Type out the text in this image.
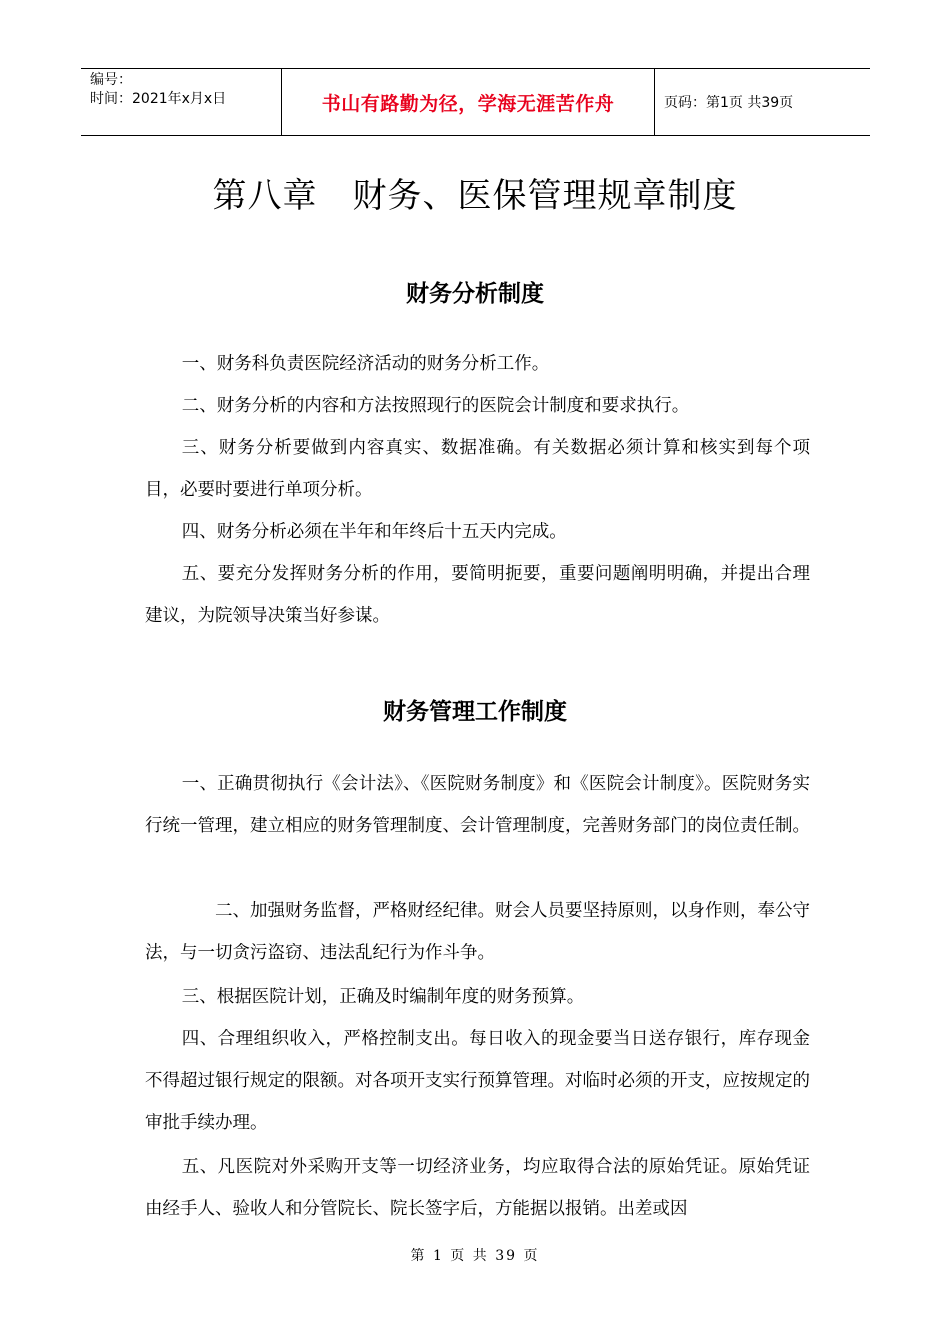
编号：
时间：2021年x月x日	书山有路勤为径，学海无涯苦作舟	页码：第1页 共39页
第八章　财务、医保管理规章制度
财务分析制度

一、财务科负责医院经济活动的财务分析工作。

二、财务分析的内容和方法按照现行的医院会计制度和要求执行。

三、财务分析要做到内容真实、数据准确。有关数据必须计算和核实到每个项目，必要时要进行单项分析。

四、财务分析必须在半年和年终后十五天内完成。

五、要充分发挥财务分析的作用，要简明扼要，重要问题阐明明确，并提出合理建议，为院领导决策当好参谋。

财务管理工作制度

一、正确贯彻执行《会计法》、《医院财务制度》和《医院会计制度》。医院财务实行统一管理，建立相应的财务管理制度、会计管理制度，完善财务部门的岗位责任制。

二、加强财务监督，严格财经纪律。财会人员要坚持原则，以身作则，奉公守法，与一切贪污盗窃、违法乱纪行为作斗争。

三、根据医院计划，正确及时编制年度的财务预算。

四、合理组织收入，严格控制支出。每日收入的现金要当日送存银行，库存现金不得超过银行规定的限额。对各项开支实行预算管理。对临时必须的开支，应按规定的审批手续办理。

五、凡医院对外采购开支等一切经济业务，均应取得合法的原始凭证。原始凭证由经手人、验收人和分管院长、院长签字后，方能据以报销。出差或因

第 1 页 共 39 页
